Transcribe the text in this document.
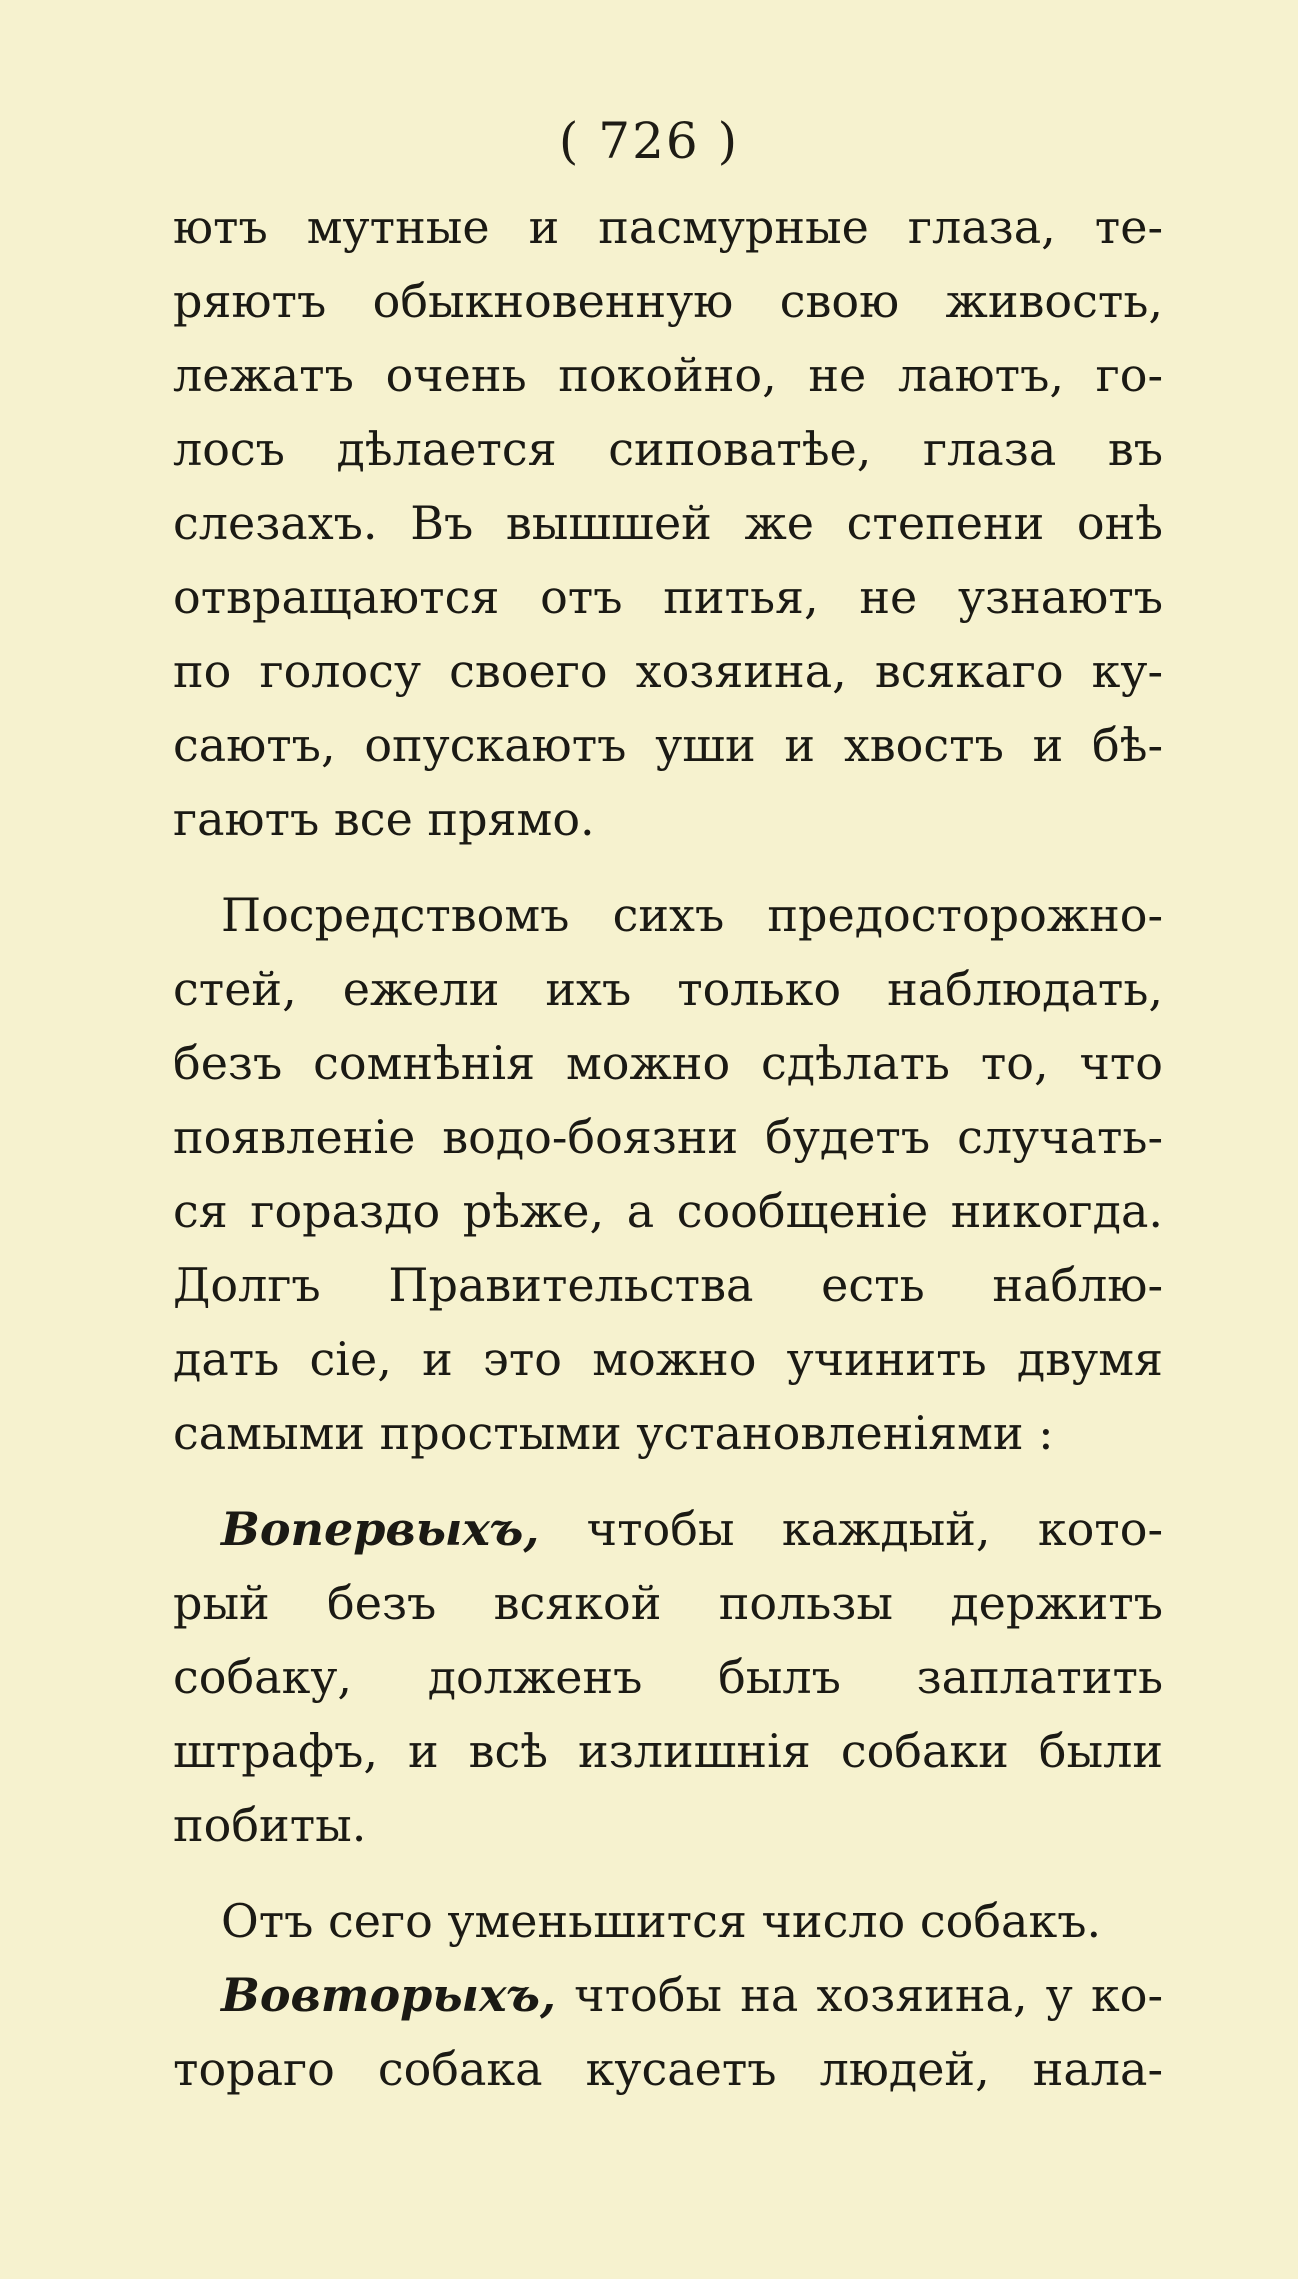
( 726 )
ютъ мутные и пасмурные глаза, те-
ряютъ обыкновенную свою живость,
лежатъ очень покойно, не лаютъ, го-
лосъ дѣлается сиповатѣе, глаза въ
слезахъ. Въ вышшей же степени онѣ
отвращаются отъ питья, не узнаютъ
по голосу своего хозяина, всякаго ку-
саютъ, опускаютъ уши и хвостъ и бѣ-
гаютъ все прямо.
Посредствомъ сихъ предосторожно-
стей, ежели ихъ только наблюдать,
безъ сомнѣнія можно сдѣлать то, что
появленіе водо-боязни будетъ случать-
ся гораздо рѣже, а сообщеніе никогда.
Долгъ Правительства есть наблю-
дать сіе, и это можно учинить двумя
самыми простыми установленіями :
Вопервыхъ, чтобы каждый, кото-
рый безъ всякой пользы держитъ
собаку, долженъ былъ заплатить
штрафъ, и всѣ излишнія собаки были
побиты.
Отъ сего уменьшится число собакъ.
Вовторыхъ, чтобы на хозяина, у ко-
тораго собака кусаетъ людей, нала-
